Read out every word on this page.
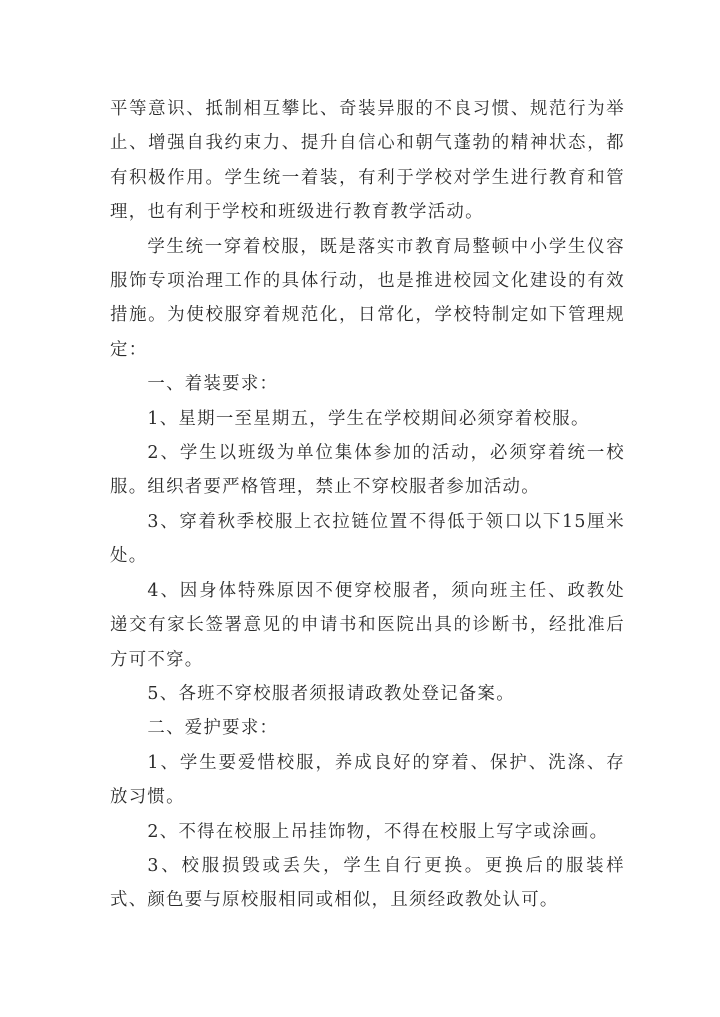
平等意识、抵制相互攀比、奇装异服的不良习惯、规范行为举止、增强自我约束力、提升自信心和朝气蓬勃的精神状态，都有积极作用。学生统一着装，有利于学校对学生进行教育和管理，也有利于学校和班级进行教育教学活动。

学生统一穿着校服，既是落实市教育局整顿中小学生仪容服饰专项治理工作的具体行动，也是推进校园文化建设的有效措施。为使校服穿着规范化，日常化，学校特制定如下管理规定：

一、着装要求：

1、星期一至星期五，学生在学校期间必须穿着校服。

2、学生以班级为单位集体参加的活动，必须穿着统一校服。组织者要严格管理，禁止不穿校服者参加活动。

3、穿着秋季校服上衣拉链位置不得低于领口以下15厘米处。

4、因身体特殊原因不便穿校服者，须向班主任、政教处递交有家长签署意见的申请书和医院出具的诊断书，经批准后方可不穿。

5、各班不穿校服者须报请政教处登记备案。

二、爱护要求：

1、学生要爱惜校服，养成良好的穿着、保护、洗涤、存放习惯。

2、不得在校服上吊挂饰物，不得在校服上写字或涂画。

3、校服损毁或丢失，学生自行更换。更换后的服装样式、颜色要与原校服相同或相似，且须经政教处认可。
